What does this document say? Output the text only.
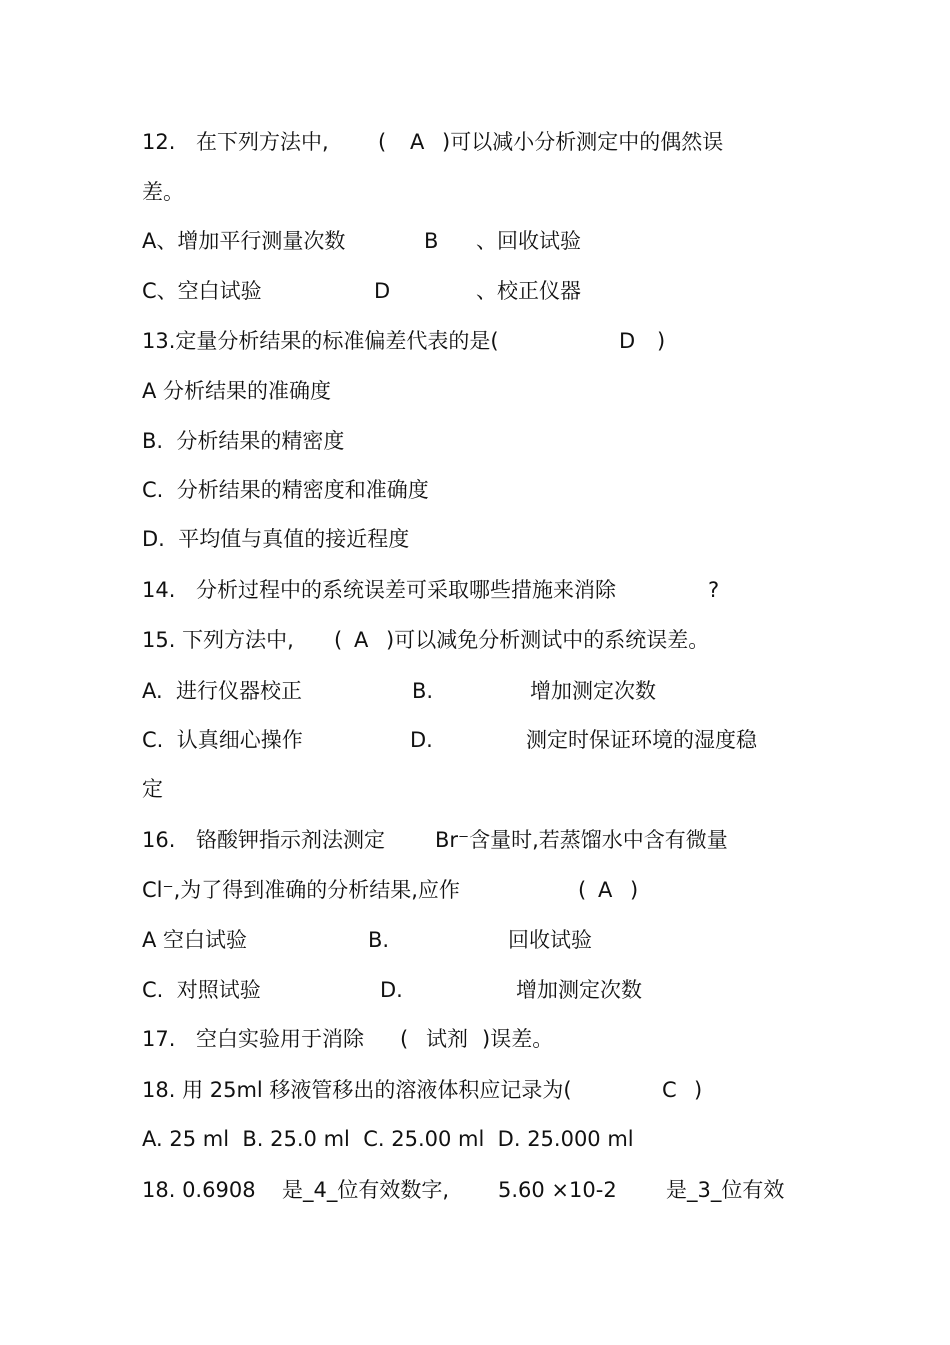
12. 在下列方法中, ( A )可以减小分析测定中的偶然误
差。
A、增加平行测量次数	B 、回收试验
C、空白试验	D	、校正仪器
13.定量分析结果的标准偏差代表的是(	D )
A 分析结果的准确度
B.  分析结果的精密度
C.  分析结果的精密度和准确度
D.  平均值与真值的接近程度
14. 分析过程中的系统误差可采取哪些措施来消除	?
15. 下列方法中, ( A )可以减免分析测试中的系统误差。
A.  进行仪器校正	B.	增加测定次数
C.  认真细心操作	D.	测定时保证环境的湿度稳
定
16. 铬酸钾指示剂法测定 Br⁻含量时,若蒸馏水中含有微量
Cl⁻,为了得到准确的分析结果,应作	( A )
A 空白试验	B.	回收试验
C.  对照试验	D.	增加测定次数
17. 空白实验用于消除 ( 试剂 )误差。
18. 用 25ml 移液管移出的溶液体积应记录为(	C )
A. 25 ml  B. 25.0 ml  C. 25.00 ml  D. 25.000 ml
18. 0.6908 是_4_位有效数字, 5.60 ×10-2 是_3_位有效
